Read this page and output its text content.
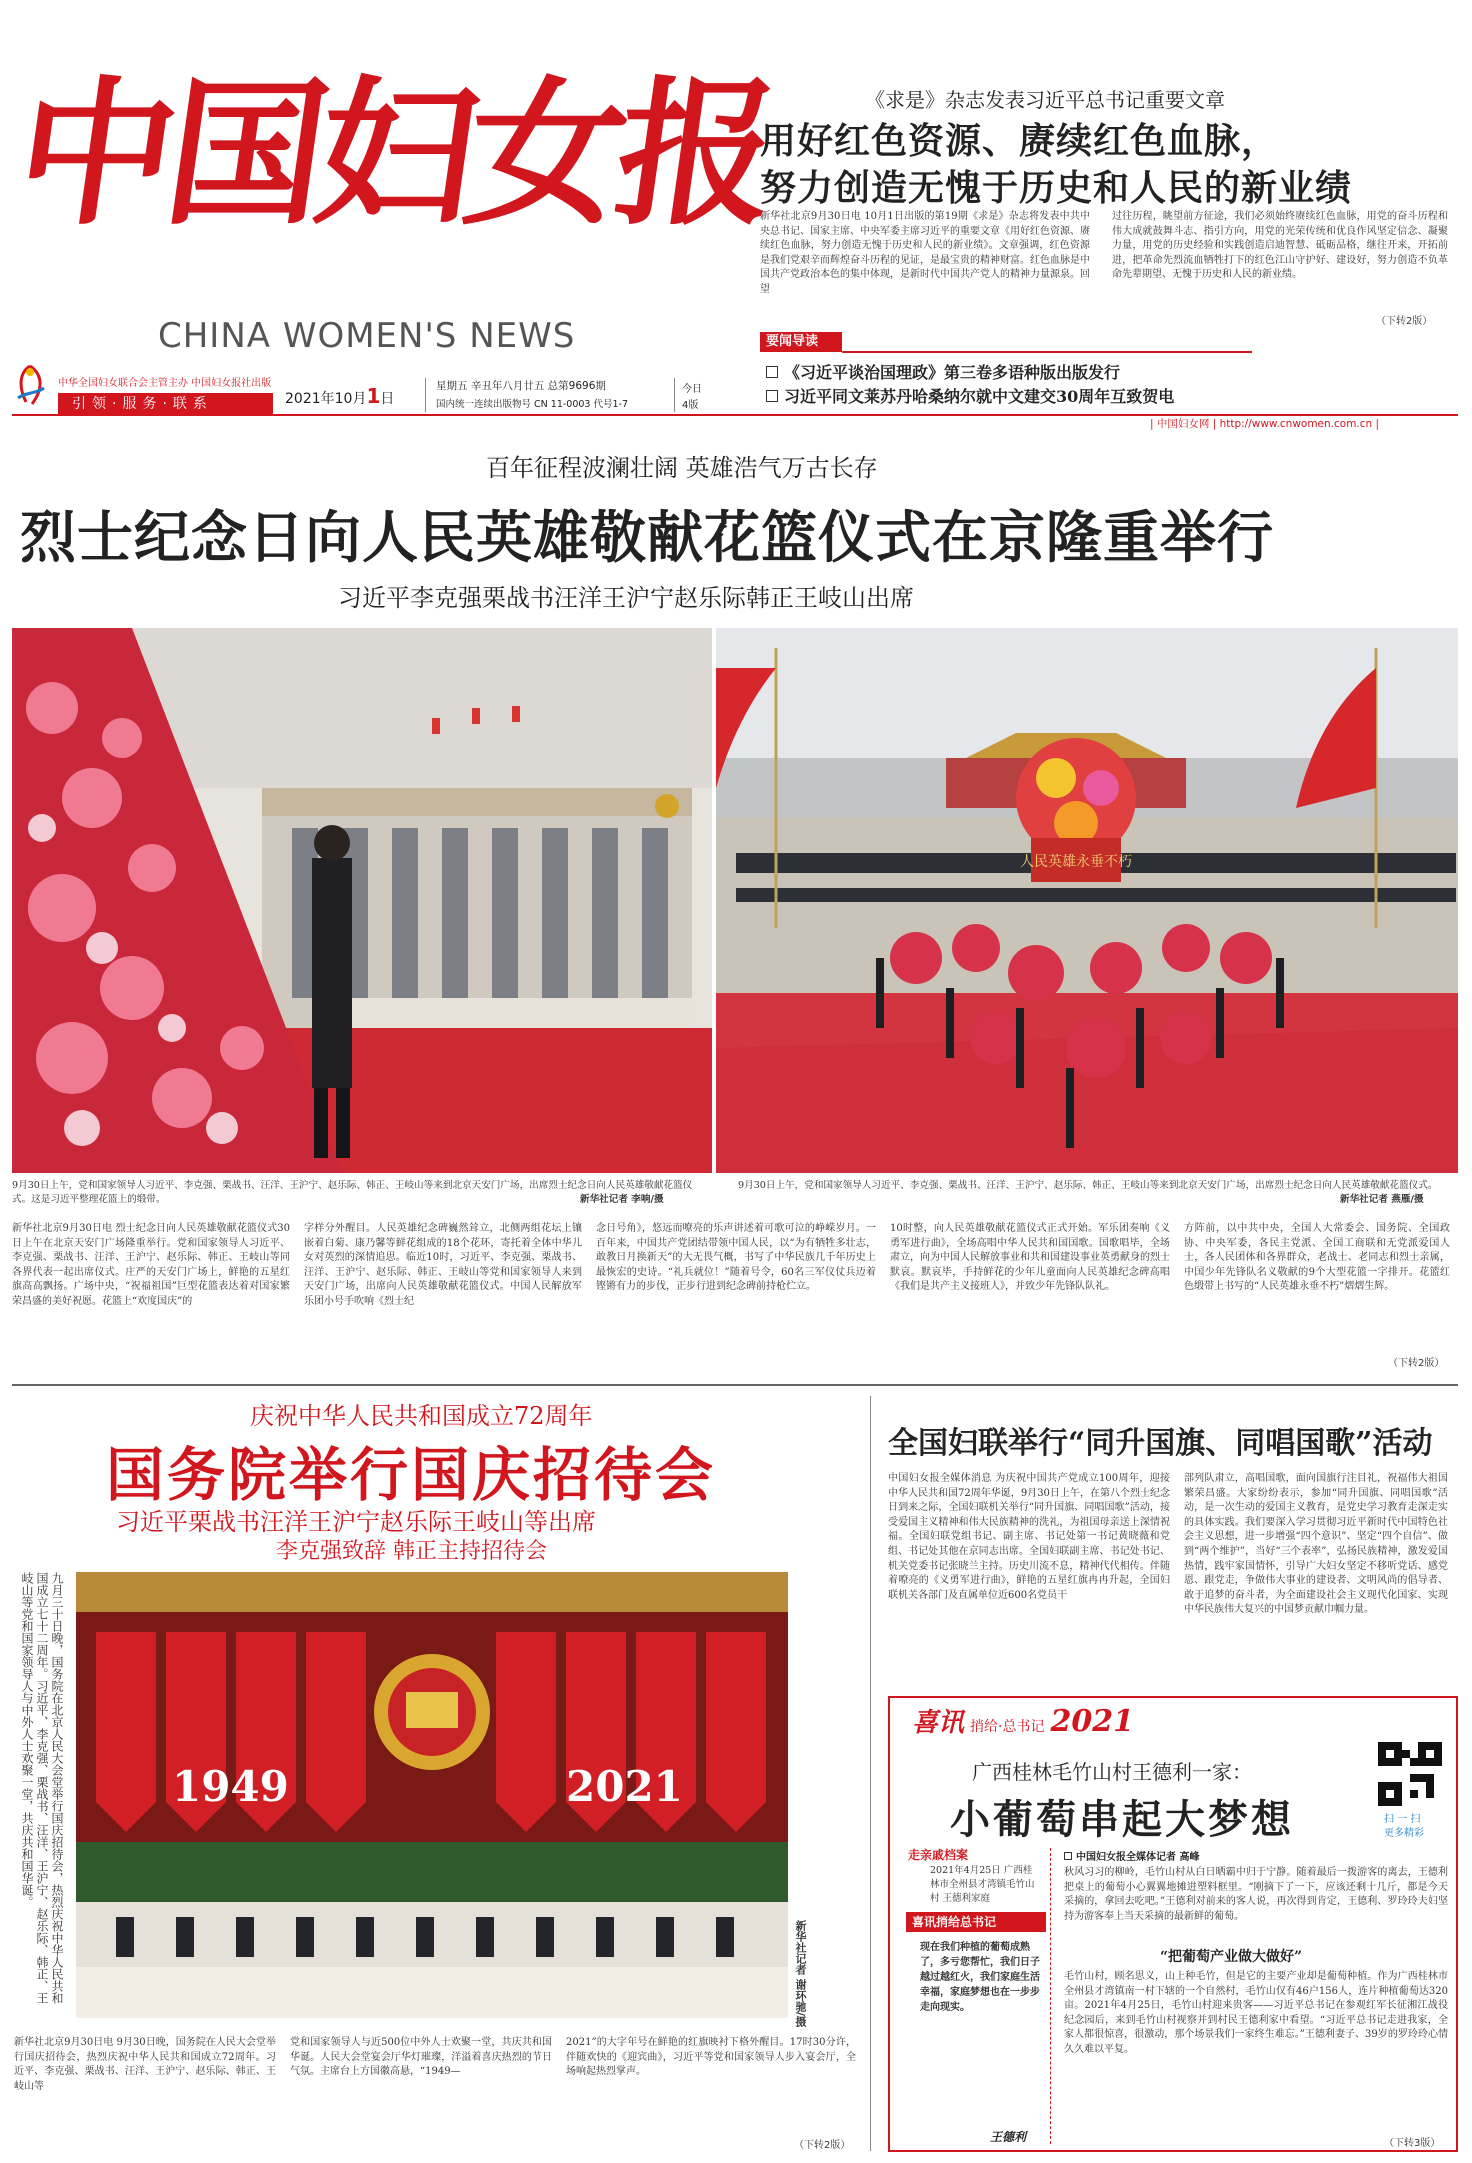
中国妇女报
CHINA WOMEN'S NEWS
中华全国妇女联合会主管主办 中国妇女报社出版
引领·服务·联系	2021年10月1日
星期五 辛丑年八月廿五 总第9696期
国内统一连续出版物号 CN 11-0003 代号1-7
今日
4版
《求是》杂志发表习近平总书记重要文章
用好红色资源、赓续红色血脉，
努力创造无愧于历史和人民的新业绩
新华社北京9月30日电 10月1日出版的第19期《求是》杂志将发表中共中央总书记、国家主席、中央军委主席习近平的重要文章《用好红色资源、赓续红色血脉，努力创造无愧于历史和人民的新业绩》。文章强调，红色资源是我们党艰辛而辉煌奋斗历程的见证，是最宝贵的精神财富。红色血脉是中国共产党政治本色的集中体现，是新时代中国共产党人的精神力量源泉。回望
过往历程，眺望前方征途，我们必须始终赓续红色血脉，用党的奋斗历程和伟大成就鼓舞斗志、指引方向，用党的光荣传统和优良作风坚定信念、凝聚力量，用党的历史经验和实践创造启迪智慧、砥砺品格，继往开来，开拓前进，把革命先烈流血牺牲打下的红色江山守护好、建设好，努力创造不负革命先辈期望、无愧于历史和人民的新业绩。
（下转2版）
要闻导读
《习近平谈治国理政》第三卷多语种版出版发行
习近平同文莱苏丹哈桑纳尔就中文建交30周年互致贺电
| 中国妇女网 | http://www.cnwomen.com.cn |
百年征程波澜壮阔 英雄浩气万古长存
烈士纪念日向人民英雄敬献花篮仪式在京隆重举行
习近平李克强栗战书汪洋王沪宁赵乐际韩正王岐山出席
人民英雄永垂不朽
9月30日上午，党和国家领导人习近平、李克强、栗战书、汪洋、王沪宁、赵乐际、韩正、王岐山等来到北京天安门广场，出席烈士纪念日向人民英雄敬献花篮仪式。这是习近平整理花篮上的缎带。	新华社记者 李响/摄
9月30日上午，党和国家领导人习近平、李克强、栗战书、汪洋、王沪宁、赵乐际、韩正、王岐山等来到北京天安门广场，出席烈士纪念日向人民英雄敬献花篮仪式。
新华社记者 燕雁/摄
新华社北京9月30日电 烈士纪念日向人民英雄敬献花篮仪式30日上午在北京天安门广场隆重举行。党和国家领导人习近平、李克强、栗战书、汪洋、王沪宁、赵乐际、韩正、王岐山等同各界代表一起出席仪式。庄严的天安门广场上，鲜艳的五星红旗高高飘扬。广场中央，“祝福祖国”巨型花篮表达着对国家繁荣昌盛的美好祝愿。花篮上“欢度国庆”的
字样分外醒目。人民英雄纪念碑巍然耸立，北侧两组花坛上镶嵌着白菊、康乃馨等鲜花组成的18个花环，寄托着全体中华儿女对英烈的深情追思。临近10时，习近平、李克强、栗战书、汪洋、王沪宁、赵乐际、韩正、王岐山等党和国家领导人来到天安门广场，出席向人民英雄敬献花篮仪式。中国人民解放军乐团小号手吹响《烈士纪
念日号角》，悠远而嘹亮的乐声讲述着可歌可泣的峥嵘岁月。一百年来，中国共产党团结带领中国人民，以“为有牺牲多壮志，敢教日月换新天”的大无畏气概，书写了中华民族几千年历史上最恢宏的史诗。“礼兵就位！”随着号令，60名三军仪仗兵迈着铿锵有力的步伐，正步行进到纪念碑前持枪伫立。
10时整，向人民英雄敬献花篮仪式正式开始。军乐团奏响《义勇军进行曲》，全场高唱中华人民共和国国歌。国歌唱毕，全场肃立，向为中国人民解放事业和共和国建设事业英勇献身的烈士默哀。默哀毕，手持鲜花的少年儿童面向人民英雄纪念碑高唱《我们是共产主义接班人》，并致少年先锋队队礼。
方阵前，以中共中央，全国人大常委会、国务院、全国政协、中央军委，各民主党派、全国工商联和无党派爱国人士，各人民团体和各界群众，老战士、老同志和烈士亲属，中国少年先锋队名义敬献的9个大型花篮一字排开。花篮红色缎带上书写的“人民英雄永垂不朽”熠熠生辉。
（下转2版）
庆祝中华人民共和国成立72周年
国务院举行国庆招待会
习近平栗战书汪洋王沪宁赵乐际王岐山等出席
李克强致辞 韩正主持招待会
九月三十日晚，国务院在北京人民大会堂举行国庆招待会，热烈庆祝中华人民共和国成立七十二周年。习近平、李克强、栗战书、汪洋、王沪宁、赵乐际、韩正、王岐山等党和国家领导人与中外人士欢聚一堂，共庆共和国华诞。
新华社记者 谢环驰/摄
1949	2021
新华社北京9月30日电 9月30日晚，国务院在人民大会堂举行国庆招待会，热烈庆祝中华人民共和国成立72周年。习近平、李克强、栗战书、汪洋、王沪宁、赵乐际、韩正、王岐山等
党和国家领导人与近500位中外人士欢聚一堂，共庆共和国华诞。人民大会堂宴会厅华灯璀璨，洋溢着喜庆热烈的节日气氛。主席台上方国徽高悬，“1949—
2021”的大字年号在鲜艳的红旗映衬下格外醒目。17时30分许，伴随欢快的《迎宾曲》，习近平等党和国家领导人步入宴会厅，全场响起热烈掌声。
（下转2版）
全国妇联举行“同升国旗、同唱国歌”活动
中国妇女报全媒体消息 为庆祝中国共产党成立100周年，迎接中华人民共和国72周年华诞，9月30日上午，在第八个烈士纪念日到来之际，全国妇联机关举行“同升国旗、同唱国歌”活动，接受爱国主义精神和伟大民族精神的洗礼，为祖国母亲送上深情祝福。全国妇联党组书记、副主席、书记处第一书记黄晓薇和党组、书记处其他在京同志出席。全国妇联副主席、书记处书记、机关党委书记张晓兰主持。历史川流不息，精神代代相传。伴随着嘹亮的《义勇军进行曲》，鲜艳的五星红旗冉冉升起，全国妇联机关各部门及直属单位近600名党员干
部列队肃立，高唱国歌，面向国旗行注目礼，祝福伟大祖国繁荣昌盛。大家纷纷表示，参加“同升国旗、同唱国歌”活动，是一次生动的爱国主义教育，是党史学习教育走深走实的具体实践。我们要深入学习贯彻习近平新时代中国特色社会主义思想，进一步增强“四个意识”、坚定“四个自信”、做到“两个维护”，当好“三个表率”，弘扬民族精神，激发爱国热情，践牢家国情怀，引导广大妇女坚定不移听党话、感党恩、跟党走，争做伟大事业的建设者、文明风尚的倡导者、敢于追梦的奋斗者，为全面建设社会主义现代化国家、实现中华民族伟大复兴的中国梦贡献巾帼力量。
喜讯 捎给·总书记 2021
广西桂林毛竹山村王德利一家：
小葡萄串起大梦想	扫 一 扫
更多精彩
走亲戚档案
2021年4月25日 广西桂林市全州县才湾镇毛竹山村 王德利家庭
喜讯捎给总书记
现在我们种植的葡萄成熟了，多亏您帮忙，我们日子越过越红火，我们家庭生活幸福，家庭梦想也在一步步走向现实。
王德利
中国妇女报全媒体记者 高峰
秋风习习的柳岭，毛竹山村从白日晒霸中归于宁静。随着最后一拨游客的离去，王德利把桌上的葡萄小心翼翼地摊进塑料框里。“刚摘下了一下，应该还剩十几斤，都是今天采摘的，拿回去吃吧。”王德利对前来的客人说，再次得到肯定，王德利、罗玲玲夫妇坚持为游客奉上当天采摘的最新鲜的葡萄。
“把葡萄产业做大做好”
毛竹山村，顾名思义，山上种毛竹，但是它的主要产业却是葡萄种植。作为广西桂林市全州县才湾镇南一村下辖的一个自然村，毛竹山仅有46户156人，连片种植葡萄达320亩。2021年4月25日，毛竹山村迎来贵客——习近平总书记在参观红军长征湘江战役纪念园后，来到毛竹山村视察并到村民王德利家中看望。“习近平总书记走进我家，全家人都很惊喜，很激动，那个场景我们一家终生难忘。”王德利妻子、39岁的罗玲玲心情久久难以平复。
（下转3版）
